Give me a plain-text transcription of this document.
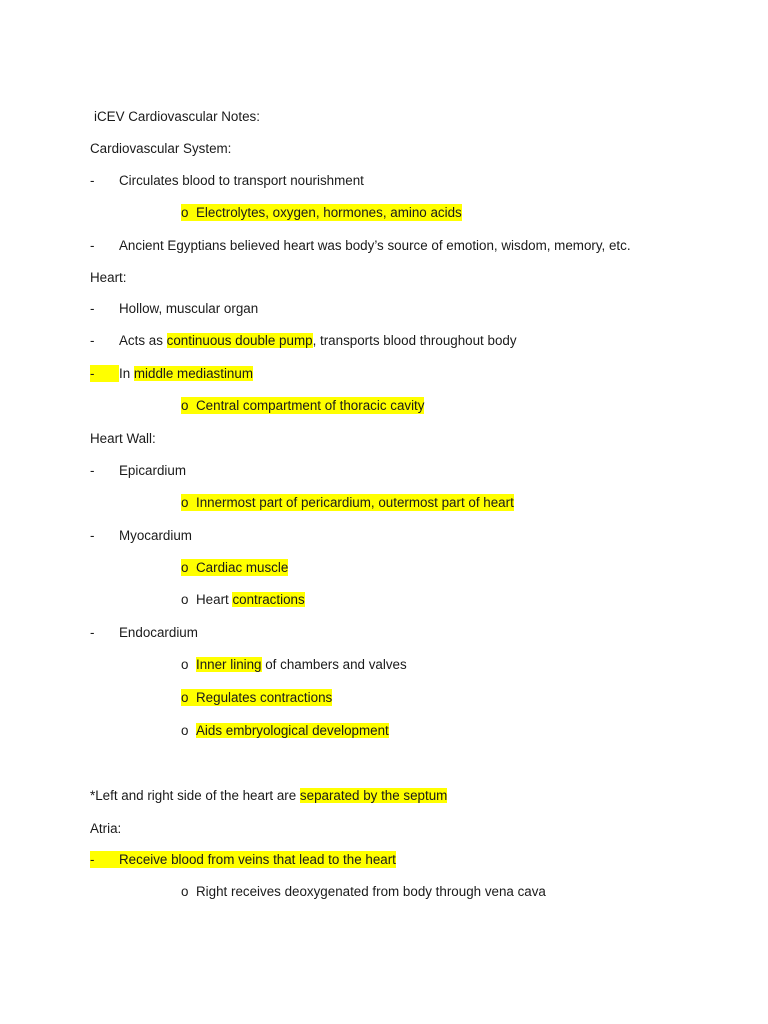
iCEV Cardiovascular Notes:
Cardiovascular System:
- Circulates blood to transport nourishment
o Electrolytes, oxygen, hormones, amino acids
- Ancient Egyptians believed heart was body’s source of emotion, wisdom, memory, etc.
Heart:
- Hollow, muscular organ
- Acts as continuous double pump, transports blood throughout body
-	In middle mediastinum
o Central compartment of thoracic cavity
Heart Wall:
- Epicardium
o Innermost part of pericardium, outermost part of heart
- Myocardium
o Cardiac muscle
o Heart contractions
- Endocardium
o Inner lining of chambers and valves
o Regulates contractions
o Aids embryological development
*Left and right side of the heart are separated by the septum
Atria:
-	Receive blood from veins that lead to the heart
o Right receives deoxygenated from body through vena cava
